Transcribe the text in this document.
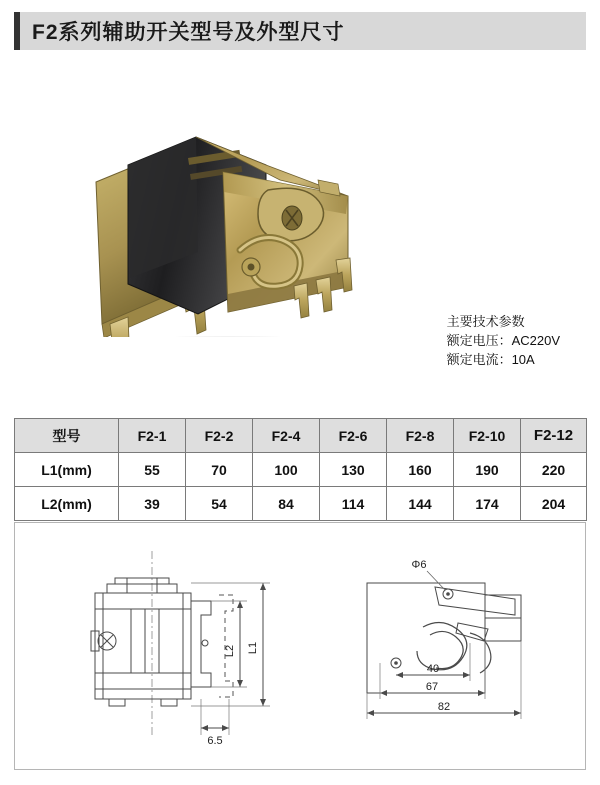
F2系列辅助开关型号及外型尺寸
主要技术参数
额定电压：AC220V
额定电流：10A
型号	F2-1	F2-2	F2-4	F2-6	F2-8	F2-10	F2-12
L1(mm)	55	70	100	130	160	190	220
L2(mm)	39	54	84	114	144	174	204
L2 L1
6.5
Φ6
40
67
82
